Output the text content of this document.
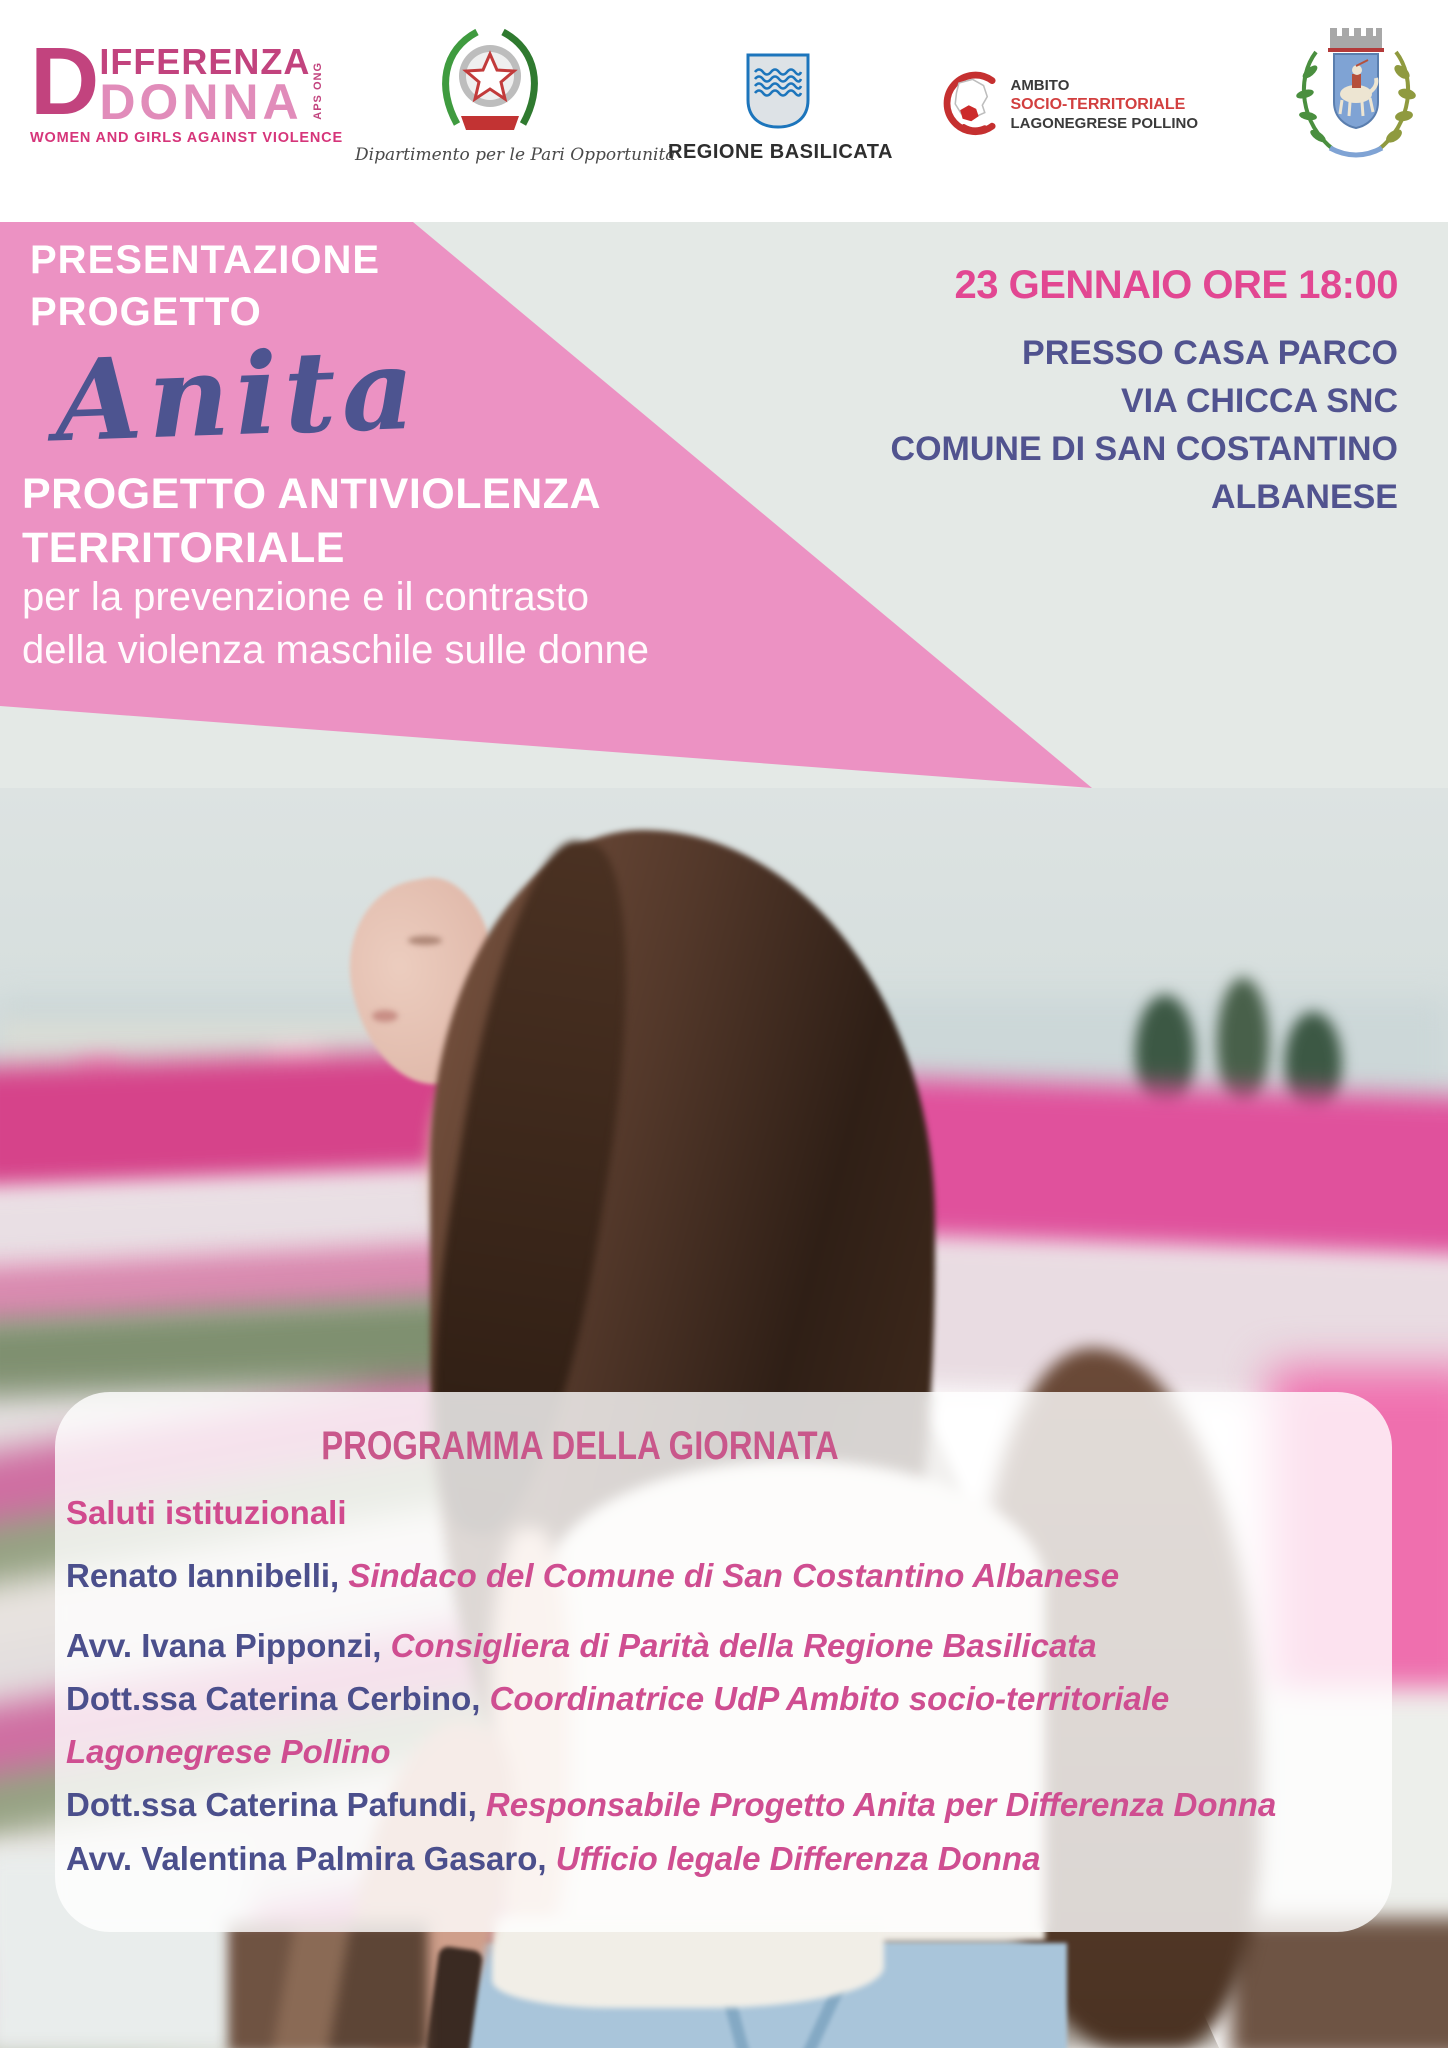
D IFFERENZA
DONNA APS ONG
WOMEN AND GIRLS AGAINST VIOLENCE
Dipartimento per le Pari Opportunità
REGIONE BASILICATA
AMBITO
SOCIO-TERRITORIALE
LAGONEGRESE POLLINO
PRESENTAZIONE
PROGETTO
Anita
PROGETTO ANTIVIOLENZA
TERRITORIALE
per la prevenzione e il contrasto
della violenza maschile sulle donne
23 GENNAIO ORE 18:00
PRESSO CASA PARCO
VIA CHICCA SNC
COMUNE DI SAN COSTANTINO
ALBANESE
PROGRAMMA DELLA GIORNATA
Saluti istituzionali
Renato Iannibelli, Sindaco del Comune di San Costantino Albanese
Avv. Ivana Pipponzi, Consigliera di Parità della Regione Basilicata
Dott.ssa Caterina Cerbino, Coordinatrice UdP Ambito socio-territoriale
Lagonegrese Pollino
Dott.ssa Caterina Pafundi, Responsabile Progetto Anita per Differenza Donna
Avv. Valentina Palmira Gasaro, Ufficio legale Differenza Donna
